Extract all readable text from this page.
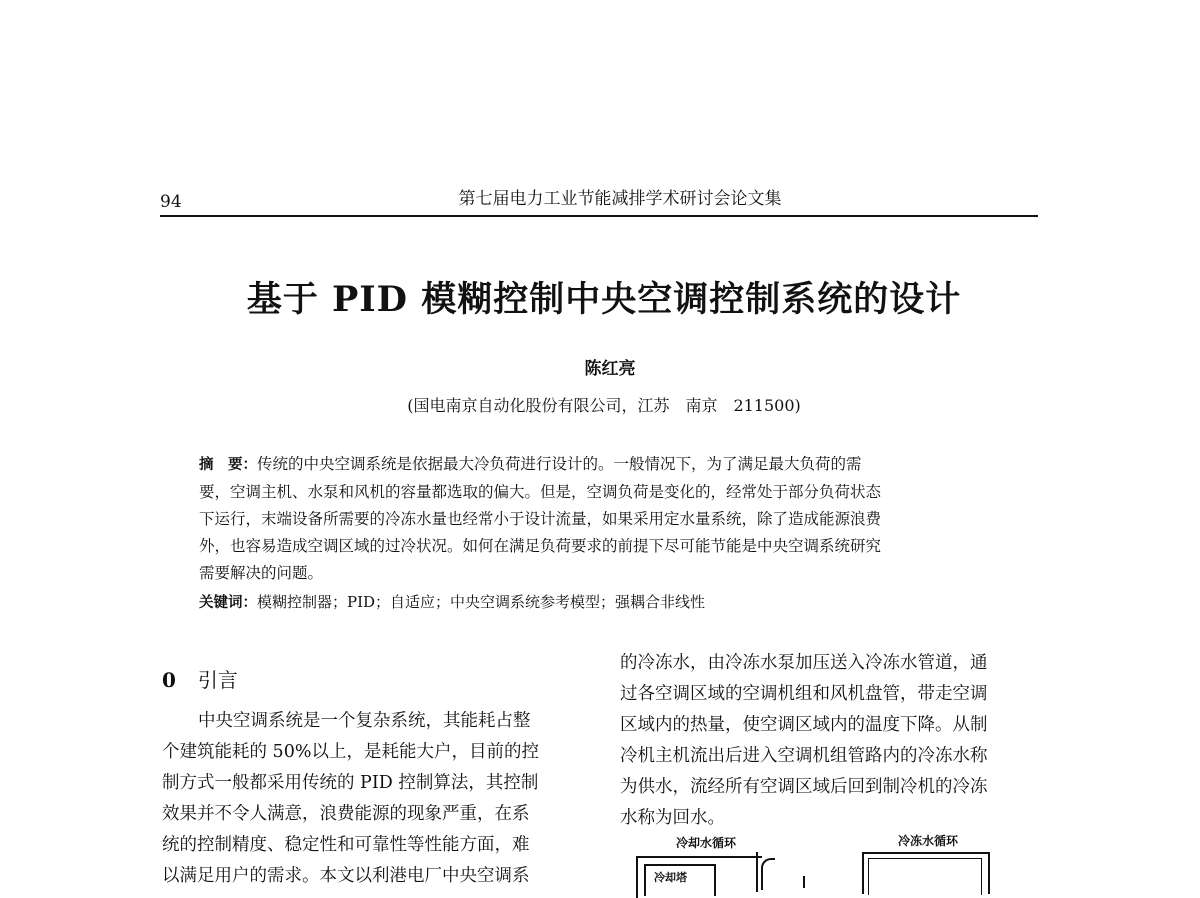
94	第七届电力工业节能减排学术研讨会论文集
基于 PID 模糊控制中央空调控制系统的设计
陈红亮
(国电南京自动化股份有限公司，江苏　南京　211500)
摘　要：传统的中央空调系统是依据最大冷负荷进行设计的。一般情况下，为了满足最大负荷的需
要，空调主机、水泵和风机的容量都选取的偏大。但是，空调负荷是变化的，经常处于部分负荷状态
下运行，末端设备所需要的冷冻水量也经常小于设计流量，如果采用定水量系统，除了造成能源浪费
外，也容易造成空调区域的过冷状况。如何在满足负荷要求的前提下尽可能节能是中央空调系统研究
需要解决的问题。
关键词：模糊控制器；PID；自适应；中央空调系统参考模型；强耦合非线性
0 引言
中央空调系统是一个复杂系统，其能耗占整
个建筑能耗的 50%以上，是耗能大户，目前的控
制方式一般都采用传统的 PID 控制算法，其控制
效果并不令人满意，浪费能源的现象严重，在系
统的控制精度、稳定性和可靠性等性能方面，难
以满足用户的需求。本文以利港电厂中央空调系
的冷冻水，由冷冻水泵加压送入冷冻水管道，通
过各空调区域的空调机组和风机盘管，带走空调
区域内的热量，使空调区域内的温度下降。从制
冷机主机流出后进入空调机组管路内的冷冻水称
为供水，流经所有空调区域后回到制冷机的冷冻
水称为回水。
冷却水循环	冷冻水循环
冷却塔
